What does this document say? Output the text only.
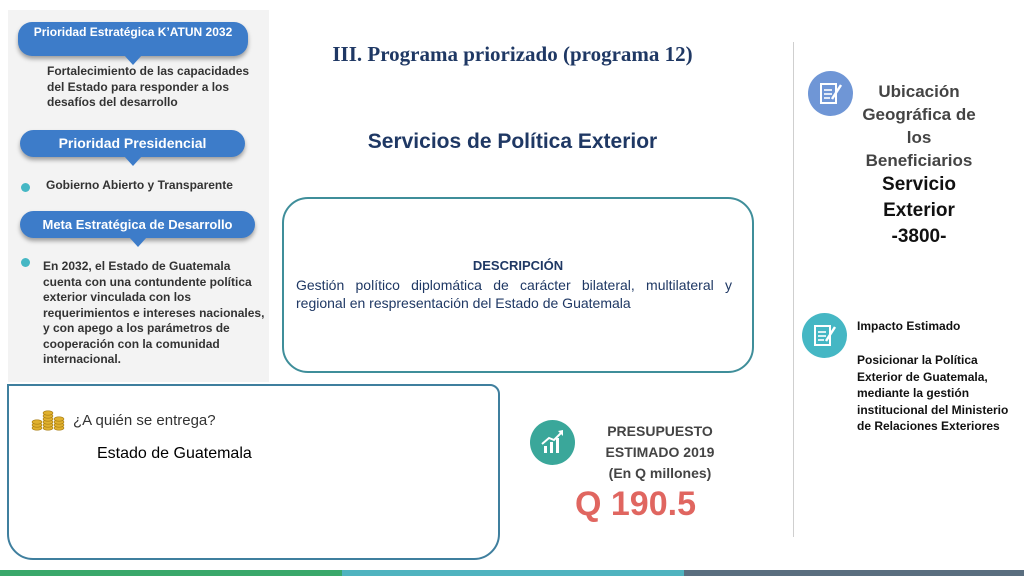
Prioridad Estratégica K’ATUN 2032
Fortalecimiento de las capacidades del Estado para responder a los desafíos del desarrollo
Prioridad Presidencial
Gobierno Abierto y Transparente
Meta Estratégica de Desarrollo
En 2032, el Estado de Guatemala cuenta con una contundente política exterior vinculada con los requerimientos e intereses nacionales, y con apego a los parámetros de cooperación con la comunidad internacional.
III. Programa priorizado (programa 12)
Servicios de Política Exterior
DESCRIPCIÓN
Gestión político diplomática de carácter bilateral, multilateral y regional en respresentación del Estado de Guatemala
¿A quién se entrega?
Estado de Guatemala
PRESUPUESTO
ESTIMADO 2019
(En Q millones)
Q 190.5
Ubicación Geográfica de los Beneficiarios
Servicio Exterior
-3800-
Impacto Estimado
Posicionar la Política Exterior de Guatemala, mediante la gestión institucional del Ministerio de Relaciones Exteriores
